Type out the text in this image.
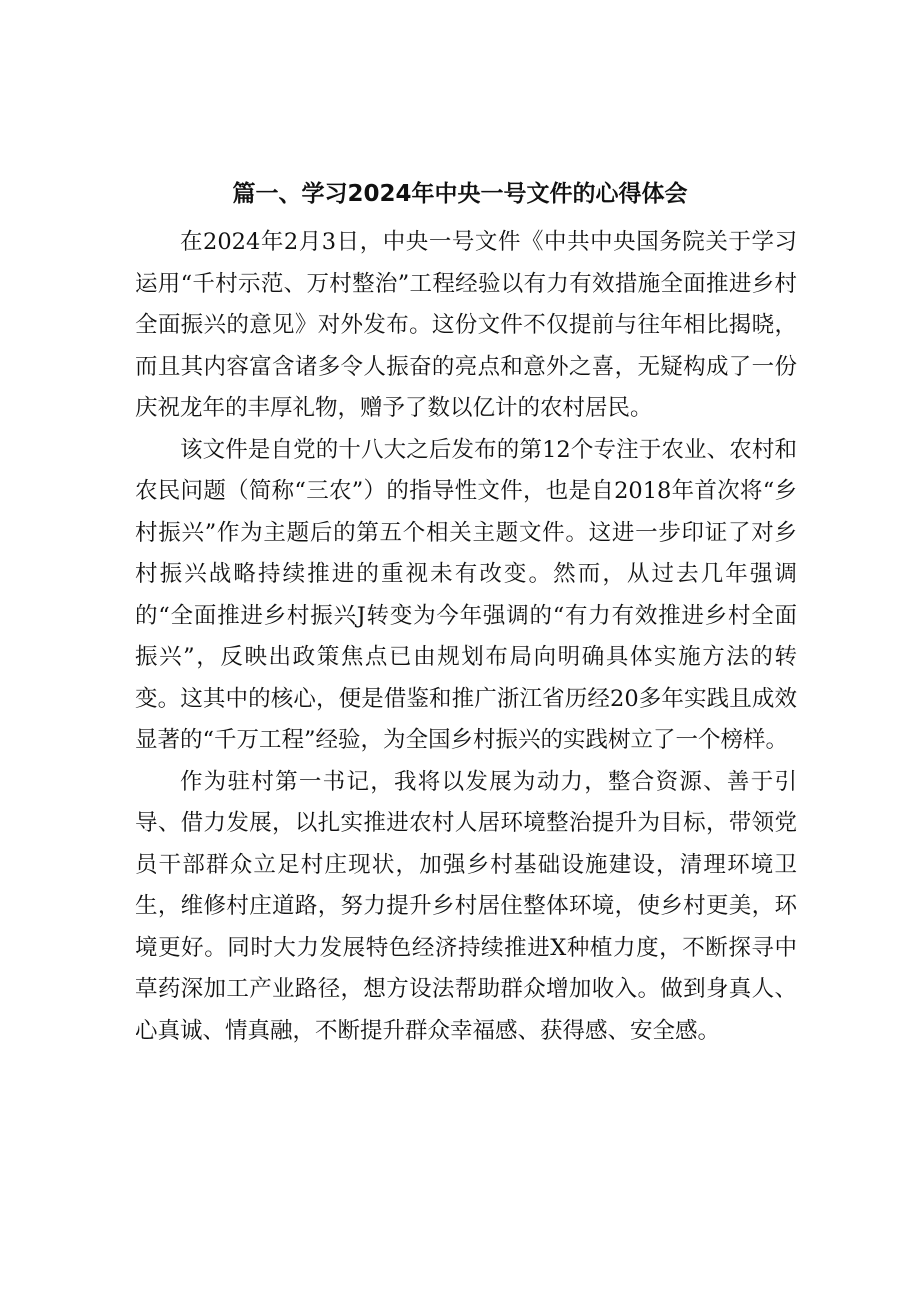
篇一、学习2024年中央一号文件的心得体会

在2024年2月3日，中央一号文件《中共中央国务院关于学习运用“千村示范、万村整治”工程经验以有力有效措施全面推进乡村全面振兴的意见》对外发布。这份文件不仅提前与往年相比揭晓，而且其内容富含诸多令人振奋的亮点和意外之喜，无疑构成了一份庆祝龙年的丰厚礼物，赠予了数以亿计的农村居民。

该文件是自党的十八大之后发布的第12个专注于农业、农村和农民问题（简称“三农”）的指导性文件，也是自2018年首次将“乡村振兴”作为主题后的第五个相关主题文件。这进一步印证了对乡村振兴战略持续推进的重视未有改变。然而，从过去几年强调的“全面推进乡村振兴J转变为今年强调的“有力有效推进乡村全面振兴”，反映出政策焦点已由规划布局向明确具体实施方法的转变。这其中的核心，便是借鉴和推广浙江省历经20多年实践且成效显著的“千万工程”经验，为全国乡村振兴的实践树立了一个榜样。

作为驻村第一书记，我将以发展为动力，整合资源、善于引导、借力发展，以扎实推进农村人居环境整治提升为目标，带领党员干部群众立足村庄现状，加强乡村基础设施建设，清理环境卫生，维修村庄道路，努力提升乡村居住整体环境，使乡村更美，环境更好。同时大力发展特色经济持续推进X种植力度，不断探寻中草药深加工产业路径，想方设法帮助群众增加收入。做到身真人、心真诚、情真融，不断提升群众幸福感、获得感、安全感。
